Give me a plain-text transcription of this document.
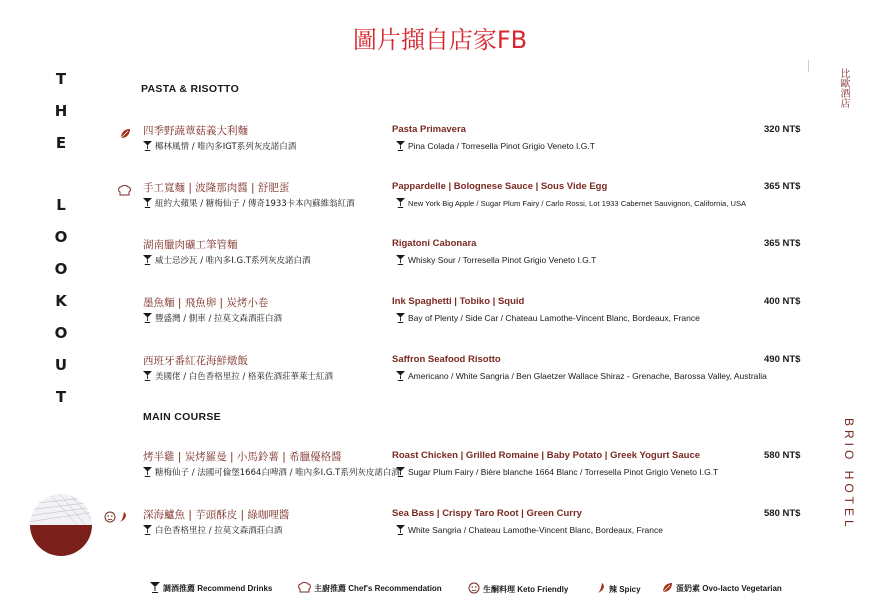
圖片擷自店家FB
T
H
E
L
O
O
K
O
U
T
比歐酒店
BRIO HOTEL
PASTA & RISOTTO
MAIN COURSE
四季野蔬蕈菇義大利麵
椰林風情 / 唯內多IGT系列灰皮諾白酒
Pasta Primavera
Pina Colada / Torresella Pinot Grigio Veneto I.G.T
320 NT$
手工寬麵 | 波隆那肉醬 | 舒肥蛋
紐約大蘋果 / 糖梅仙子 / 傳奇1933卡本內蘇維翁紅酒
Pappardelle | Bolognese Sauce | Sous Vide Egg
New York Big Apple / Sugar Plum Fairy / Carlo Rossi, Lot 1933 Cabernet Sauvignon, California, USA
365 NT$
湖南臘肉礦工筆管麵
威士忌沙瓦 / 唯內多I.G.T系列灰皮諾白酒
Rigatoni Cabonara
Whisky Sour / Torresella Pinot Grigio Veneto I.G.T
365 NT$
墨魚麵 | 飛魚卵 | 炭烤小卷
豐盛灣 / 側車 / 拉莫文森酒莊白酒
Ink Spaghetti | Tobiko | Squid
Bay of Plenty / Side Car / Chateau Lamothe-Vincent Blanc, Bordeaux, France
400 NT$
西班牙番紅花海鮮燉飯
美國佬 / 白色香格里拉 / 格萊佐酒莊華萊士紅酒
Saffron Seafood Risotto
Americano / White Sangria / Ben Glaetzer Wallace Shiraz - Grenache, Barossa Valley, Australia
490 NT$
烤半雞 | 炭烤羅曼 | 小馬鈴薯 | 希臘優格醬
糖梅仙子 / 法國可倫堡1664白啤酒 / 唯內多I.G.T系列灰皮諾白酒
Roast Chicken | Grilled Romaine | Baby Potato | Greek Yogurt Sauce
Sugar Plum Fairy / Bière blanche 1664 Blanc / Torresella Pinot Grigio Veneto I.G.T
580 NT$
深海鱸魚 | 芋頭酥皮 | 綠咖哩醬
白色香格里拉 / 拉莫文森酒莊白酒
Sea Bass | Crispy Taro Root | Green Curry
White Sangria / Chateau Lamothe-Vincent Blanc, Bordeaux, France
580 NT$
調酒推薦 Recommend Drinks	主廚推薦 Chef's Recommendation	生酮料理 Keto Friendly	辣 Spicy	蛋奶素 Ovo-lacto Vegetarian
